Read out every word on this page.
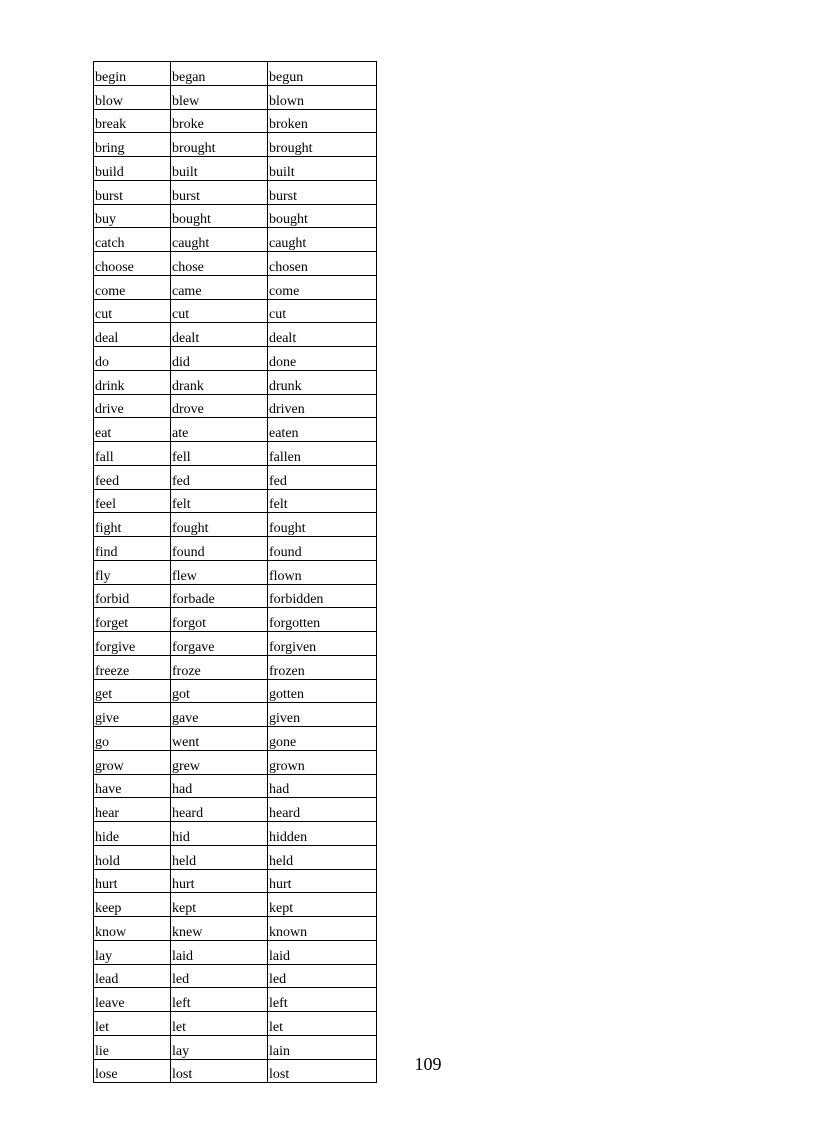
begin	began	begun
blow	blew	blown
break	broke	broken
bring	brought	brought
build	built	built
burst	burst	burst
buy	bought	bought
catch	caught	caught
choose	chose	chosen
come	came	come
cut	cut	cut
deal	dealt	dealt
do	did	done
drink	drank	drunk
drive	drove	driven
eat	ate	eaten
fall	fell	fallen
feed	fed	fed
feel	felt	felt
fight	fought	fought
find	found	found
fly	flew	flown
forbid	forbade	forbidden
forget	forgot	forgotten
forgive	forgave	forgiven
freeze	froze	frozen
get	got	gotten
give	gave	given
go	went	gone
grow	grew	grown
have	had	had
hear	heard	heard
hide	hid	hidden
hold	held	held
hurt	hurt	hurt
keep	kept	kept
know	knew	known
lay	laid	laid
lead	led	led
leave	left	left
let	let	let
lie	lay	lain
lose	lost	lost
109
